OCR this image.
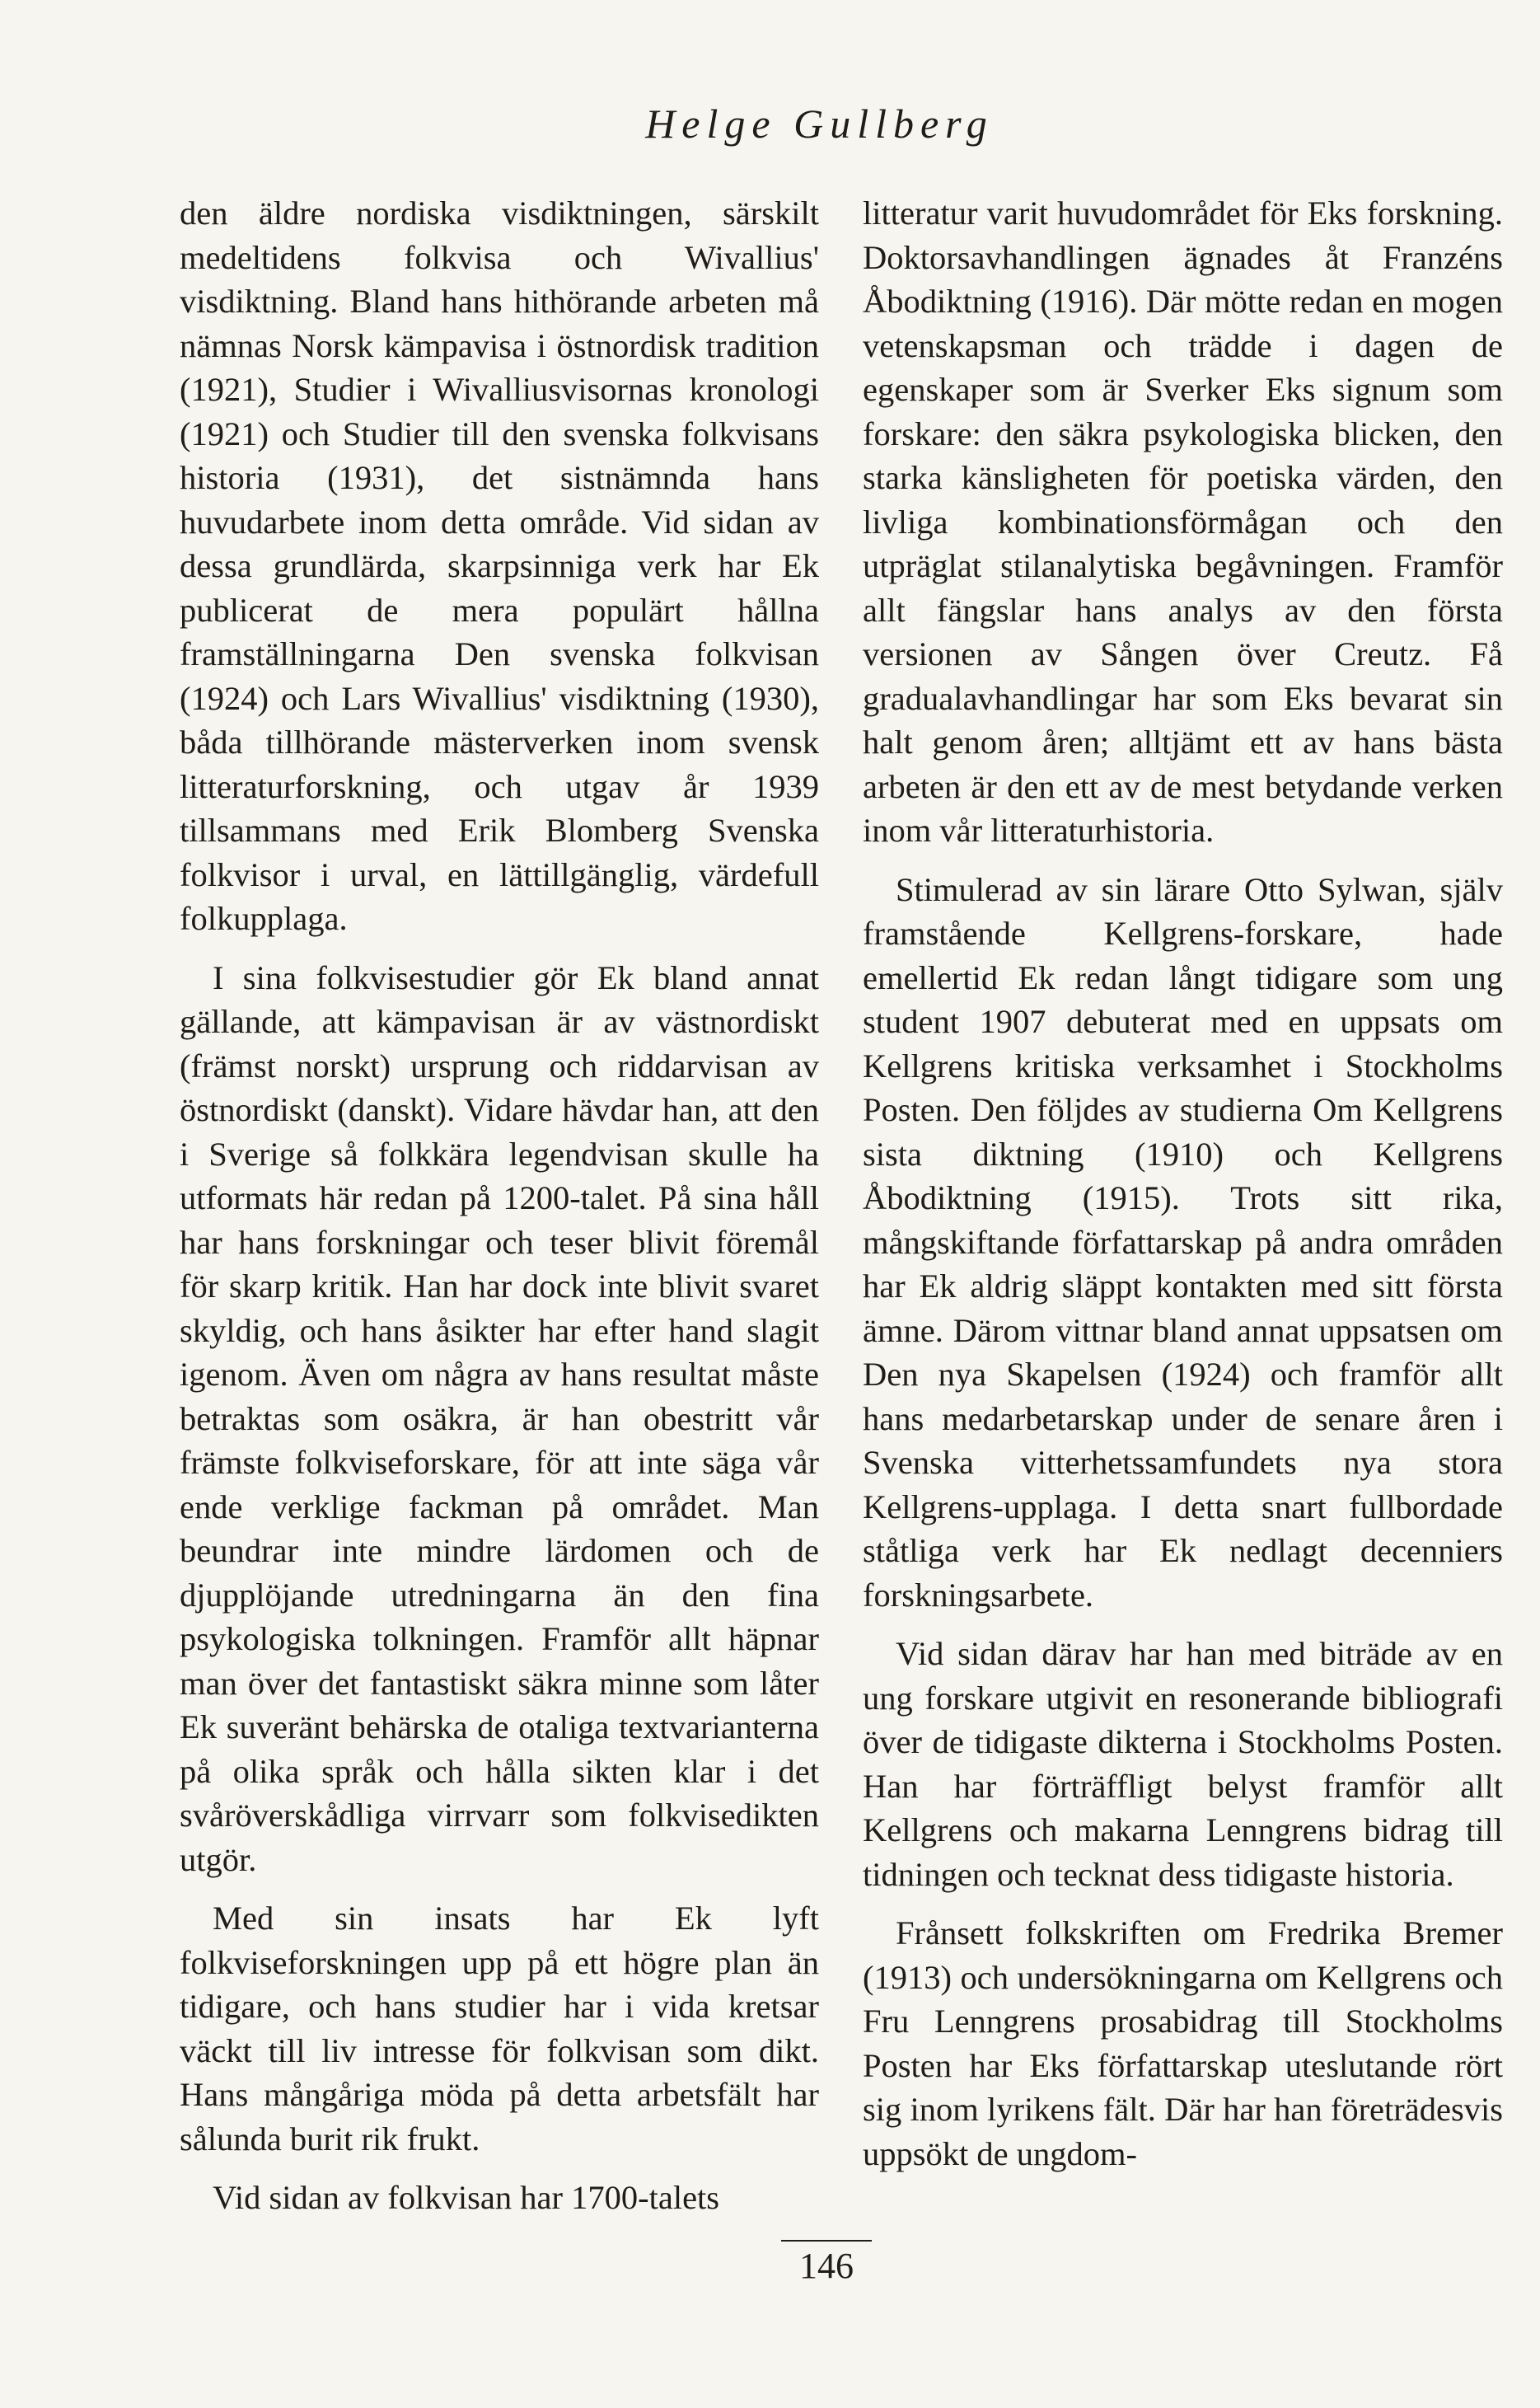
Helge Gullberg

den äldre nordiska visdiktningen, särskilt medeltidens folkvisa och Wivallius' visdiktning. Bland hans hithörande arbeten må nämnas Norsk kämpavisa i östnordisk tradition (1921), Studier i Wivalliusvisornas kronologi (1921) och Studier till den svenska folkvisans historia (1931), det sistnämnda hans huvudarbete inom detta område. Vid sidan av dessa grundlärda, skarpsinniga verk har Ek publicerat de mera populärt hållna framställningarna Den svenska folkvisan (1924) och Lars Wivallius' visdiktning (1930), båda tillhörande mästerverken inom svensk litteraturforskning, och utgav år 1939 tillsammans med Erik Blomberg Svenska folkvisor i urval, en lättillgänglig, värdefull folkupplaga.

I sina folkvisestudier gör Ek bland annat gällande, att kämpavisan är av västnordiskt (främst norskt) ursprung och riddarvisan av östnordiskt (danskt). Vidare hävdar han, att den i Sverige så folkkära legendvisan skulle ha utformats här redan på 1200-talet. På sina håll har hans forskningar och teser blivit föremål för skarp kritik. Han har dock inte blivit svaret skyldig, och hans åsikter har efter hand slagit igenom. Även om några av hans resultat måste betraktas som osäkra, är han obestritt vår främste folkviseforskare, för att inte säga vår ende verklige fackman på området. Man beundrar inte mindre lärdomen och de djupplöjande utredningarna än den fina psykologiska tolkningen. Framför allt häpnar man över det fantastiskt säkra minne som låter Ek suveränt behärska de otaliga textvarianterna på olika språk och hålla sikten klar i det svåröverskådliga virrvarr som folkvisedikten utgör.

Med sin insats har Ek lyft folkviseforskningen upp på ett högre plan än tidigare, och hans studier har i vida kretsar väckt till liv intresse för folkvisan som dikt. Hans mångåriga möda på detta arbetsfält har sålunda burit rik frukt.

Vid sidan av folkvisan har 1700-talets

litteratur varit huvudområdet för Eks forskning. Doktorsavhandlingen ägnades åt Franzéns Åbodiktning (1916). Där mötte redan en mogen vetenskapsman och trädde i dagen de egenskaper som är Sverker Eks signum som forskare: den säkra psykologiska blicken, den starka känsligheten för poetiska värden, den livliga kombinationsförmågan och den utpräglat stilanalytiska begåvningen. Framför allt fängslar hans analys av den första versionen av Sången över Creutz. Få gradualavhandlingar har som Eks bevarat sin halt genom åren; alltjämt ett av hans bästa arbeten är den ett av de mest betydande verken inom vår litteraturhistoria.

Stimulerad av sin lärare Otto Sylwan, själv framstående Kellgrens-forskare, hade emellertid Ek redan långt tidigare som ung student 1907 debuterat med en uppsats om Kellgrens kritiska verksamhet i Stockholms Posten. Den följdes av studierna Om Kellgrens sista diktning (1910) och Kellgrens Åbodiktning (1915). Trots sitt rika, mångskiftande författarskap på andra områden har Ek aldrig släppt kontakten med sitt första ämne. Därom vittnar bland annat uppsatsen om Den nya Skapelsen (1924) och framför allt hans medarbetarskap under de senare åren i Svenska vitterhetssamfundets nya stora Kellgrens-upplaga. I detta snart fullbordade ståtliga verk har Ek nedlagt decenniers forskningsarbete.

Vid sidan därav har han med biträde av en ung forskare utgivit en resonerande bibliografi över de tidigaste dikterna i Stockholms Posten. Han har förträffligt belyst framför allt Kellgrens och makarna Lenngrens bidrag till tidningen och tecknat dess tidigaste historia.

Frånsett folkskriften om Fredrika Bremer (1913) och undersökningarna om Kellgrens och Fru Lenngrens prosabidrag till Stockholms Posten har Eks författarskap uteslutande rört sig inom lyrikens fält. Där har han företrädesvis uppsökt de ungdom-

146
